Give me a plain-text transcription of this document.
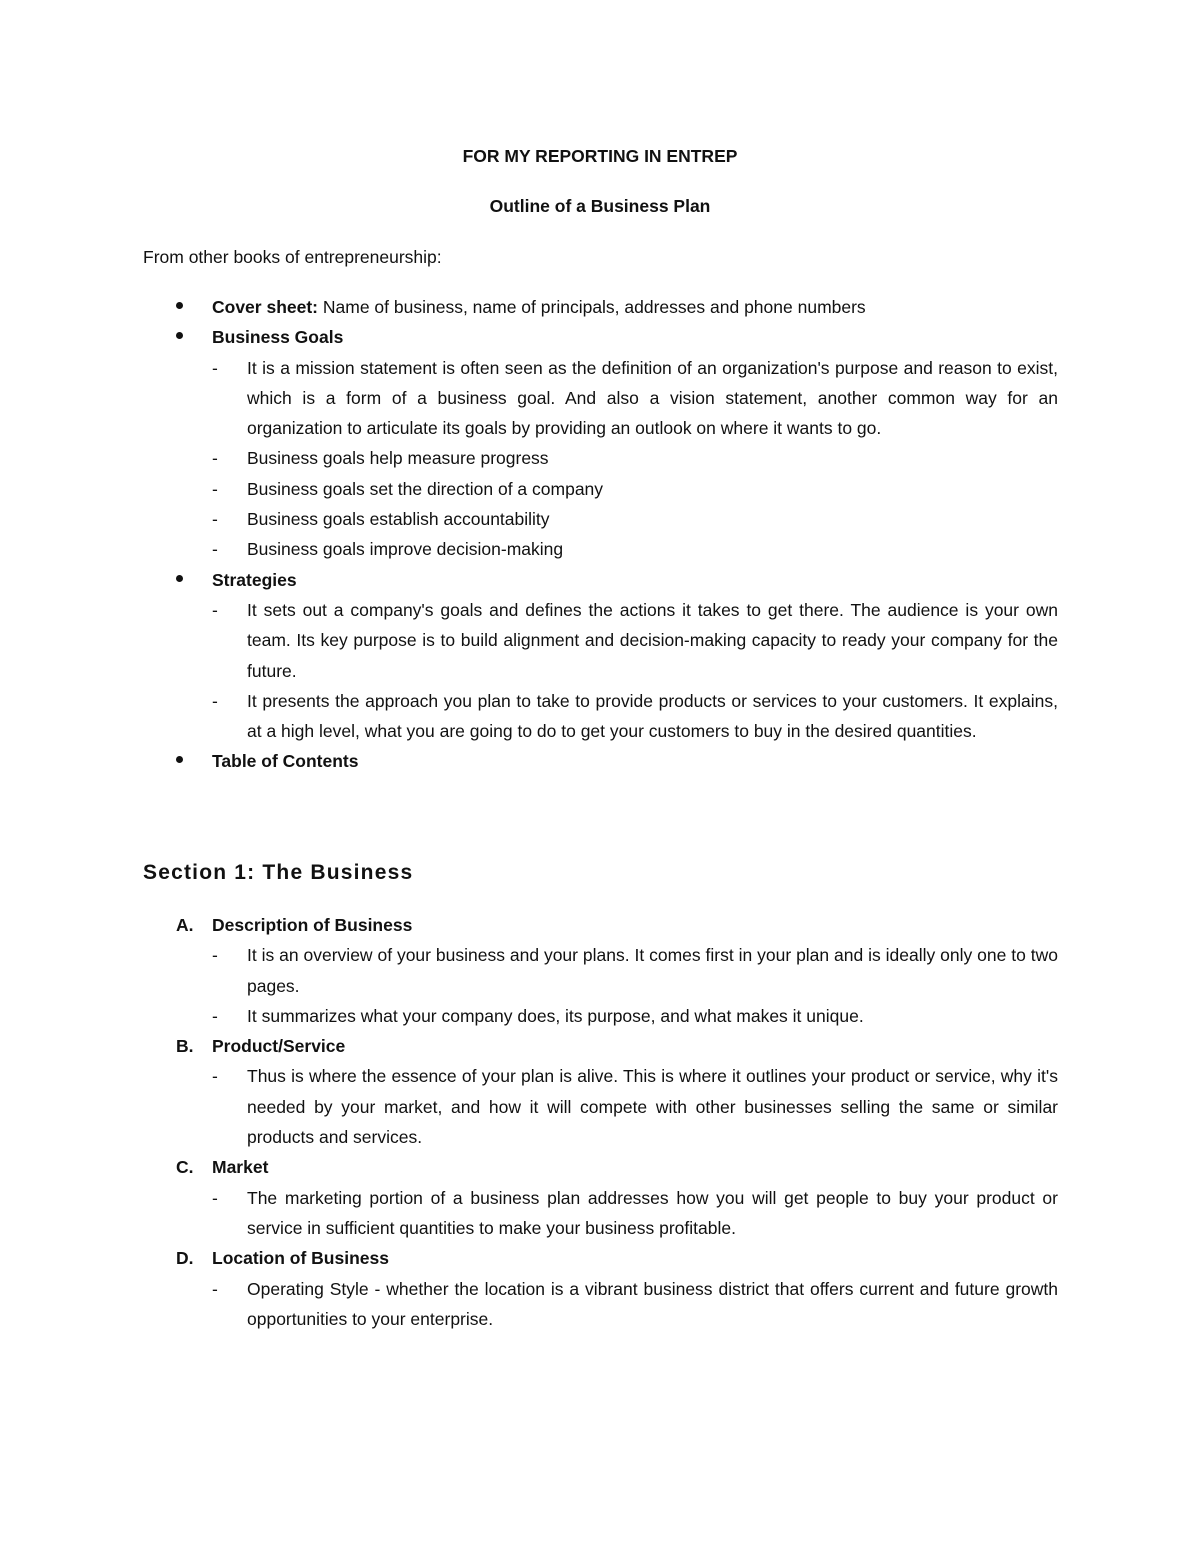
FOR MY REPORTING IN ENTREP
Outline of a Business Plan
From other books of entrepreneurship:
Cover sheet: Name of business, name of principals, addresses and phone numbers
Business Goals
- It is a mission statement is often seen as the definition of an organization's purpose and reason to exist, which is a form of a business goal. And also a vision statement, another common way for an organization to articulate its goals by providing an outlook on where it wants to go.
- Business goals help measure progress
- Business goals set the direction of a company
- Business goals establish accountability
- Business goals improve decision-making
Strategies
- It sets out a company's goals and defines the actions it takes to get there. The audience is your own team. Its key purpose is to build alignment and decision-making capacity to ready your company for the future.
- It presents the approach you plan to take to provide products or services to your customers. It explains, at a high level, what you are going to do to get your customers to buy in the desired quantities.
Table of Contents
Section 1: The Business
A. Description of Business
- It is an overview of your business and your plans. It comes first in your plan and is ideally only one to two pages.
- It summarizes what your company does, its purpose, and what makes it unique.
B. Product/Service
- Thus is where the essence of your plan is alive. This is where it outlines your product or service, why it's needed by your market, and how it will compete with other businesses selling the same or similar products and services.
C. Market
- The marketing portion of a business plan addresses how you will get people to buy your product or service in sufficient quantities to make your business profitable.
D. Location of Business
- Operating Style - whether the location is a vibrant business district that offers current and future growth opportunities to your enterprise.
